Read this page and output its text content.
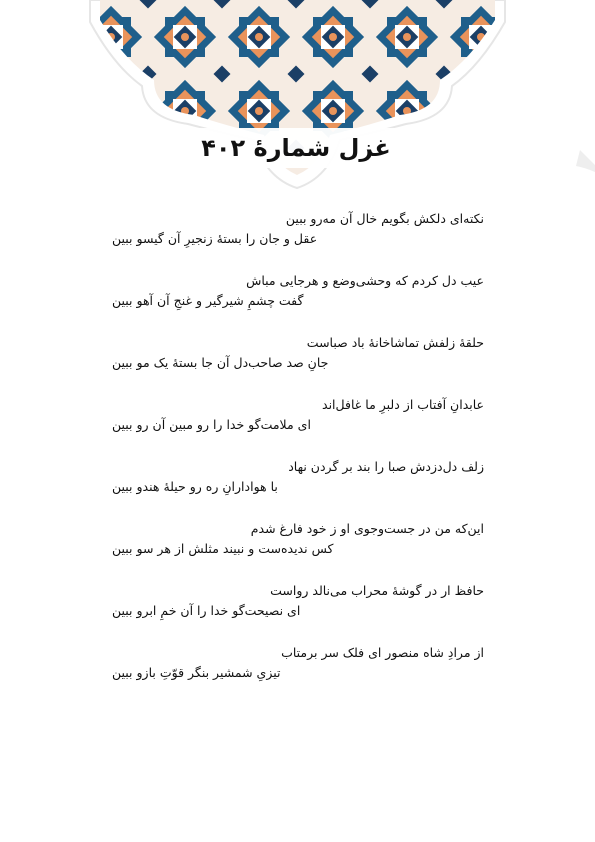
غزل شمارهٔ ۴۰۲
نکته‌ای دلکش بگویم خال آن مه‌رو ببین
عقل و جان را بستهٔ زنجیرِ آن گیسو ببین
عیب دل کردم که وحشی‌وضع و هرجایی مباش
گفت چشمِ شیرگیر و غنجِ آن آهو ببین
حلقهٔ زلفش تماشاخانهٔ باد صباست
جانِ صد صاحب‌دل آن جا بستهٔ یک مو ببین
عابدانِ آفتاب از دلبرِ ما غافل‌اند
ای ملامت‌گو خدا را رو مبین آن رو ببین
زلف دل‌دزدش صبا را بند بر گردن نهاد
با هوادارانِ ره رو حیلهٔ هندو ببین
این‌که من در جست‌وجوی او ز خود فارغ شدم
کس ندیده‌ست و نبیند مثلش از هر سو ببین
حافظ ار در گوشهٔ محراب می‌نالد رواست
ای نصیحت‌گو خدا را آن خمِ ابرو ببین
از مرادِ شاه منصور ای فلک سر برمتاب
تیزیِ شمشیر بنگر قوّتِ بازو ببین
